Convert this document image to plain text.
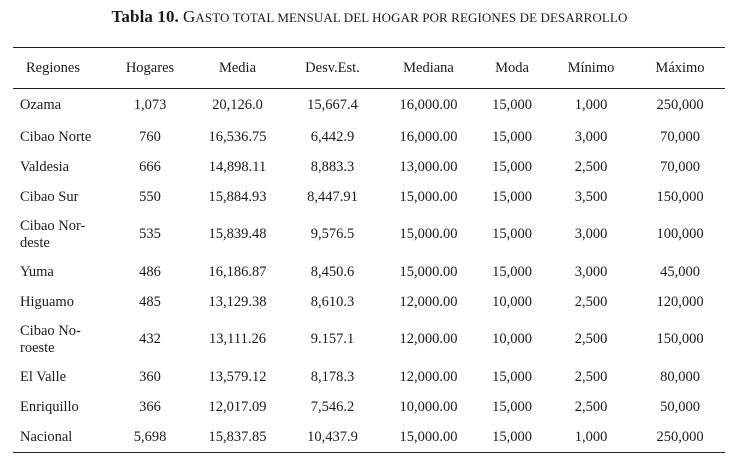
Tabla 10. GASTO TOTAL MENSUAL DEL HOGAR POR REGIONES DE DESARROLLO
Regiones	Hogares	Media	Desv.Est.	Mediana	Moda	Mínimo	Máximo
Ozama	1,073	20,126.0	15,667.4	16,000.00	15,000	1,000	250,000
Cibao Norte	760	16,536.75	6,442.9	16,000.00	15,000	3,000	70,000
Valdesia	666	14,898.11	8,883.3	13,000.00	15,000	2,500	70,000
Cibao Sur	550	15,884.93	8,447.91	15,000.00	15,000	3,500	150,000

Cibao Nor-
deste	535	15,839.48	9,576.5	15,000.00	15,000	3,000	100,000
Yuma	486	16,186.87	8,450.6	15,000.00	15,000	3,000	45,000
Higuamo	485	13,129.38	8,610.3	12,000.00	10,000	2,500	120,000

Cibao No-
roeste	432	13,111.26	9.157.1	12,000.00	10,000	2,500	150,000
El Valle	360	13,579.12	8,178.3	12,000.00	15,000	2,500	80,000
Enriquillo	366	12,017.09	7,546.2	10,000.00	15,000	2,500	50,000
Nacional	5,698	15,837.85	10,437.9	15,000.00	15,000	1,000	250,000
